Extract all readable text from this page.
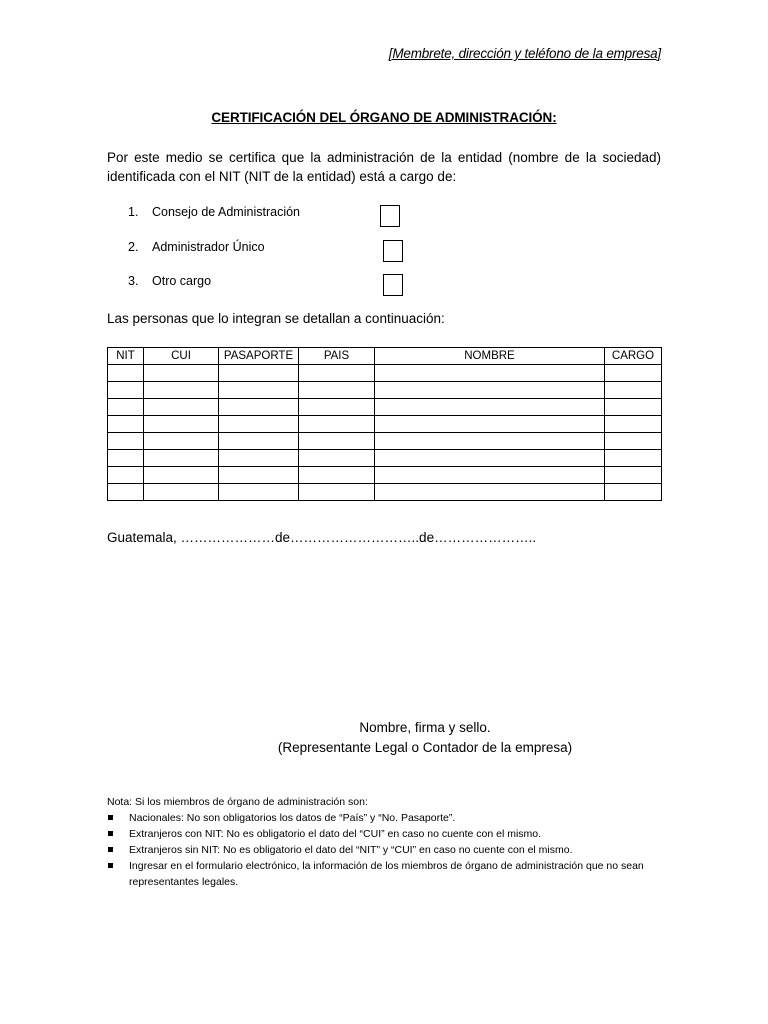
[Membrete, dirección y teléfono de la empresa]
CERTIFICACIÓN DEL ÓRGANO DE ADMINISTRACIÓN:
Por este medio se certifica que la administración de la entidad (nombre de la sociedad) identificada con el NIT (NIT de la entidad) está a cargo de:
1. Consejo de Administración
2. Administrador Único
3. Otro cargo
Las personas que lo integran se detallan a continuación:
NIT	CUI	PASAPORTE	PAIS	NOMBRE	CARGO

Guatemala, …………………de………………………..de…………………..
Nombre, firma y sello.
(Representante Legal o Contador de la empresa)
Nota: Si los miembros de órgano de administración son:
Nacionales: No son obligatorios los datos de “País” y “No. Pasaporte”.
Extranjeros con NIT: No es obligatorio el dato del “CUI” en caso no cuente con el mismo.
Extranjeros sin NIT: No es obligatorio el dato del “NIT” y “CUI” en caso no cuente con el mismo.
Ingresar en el formulario electrónico, la información de los miembros de órgano de administración que no sean representantes legales.
